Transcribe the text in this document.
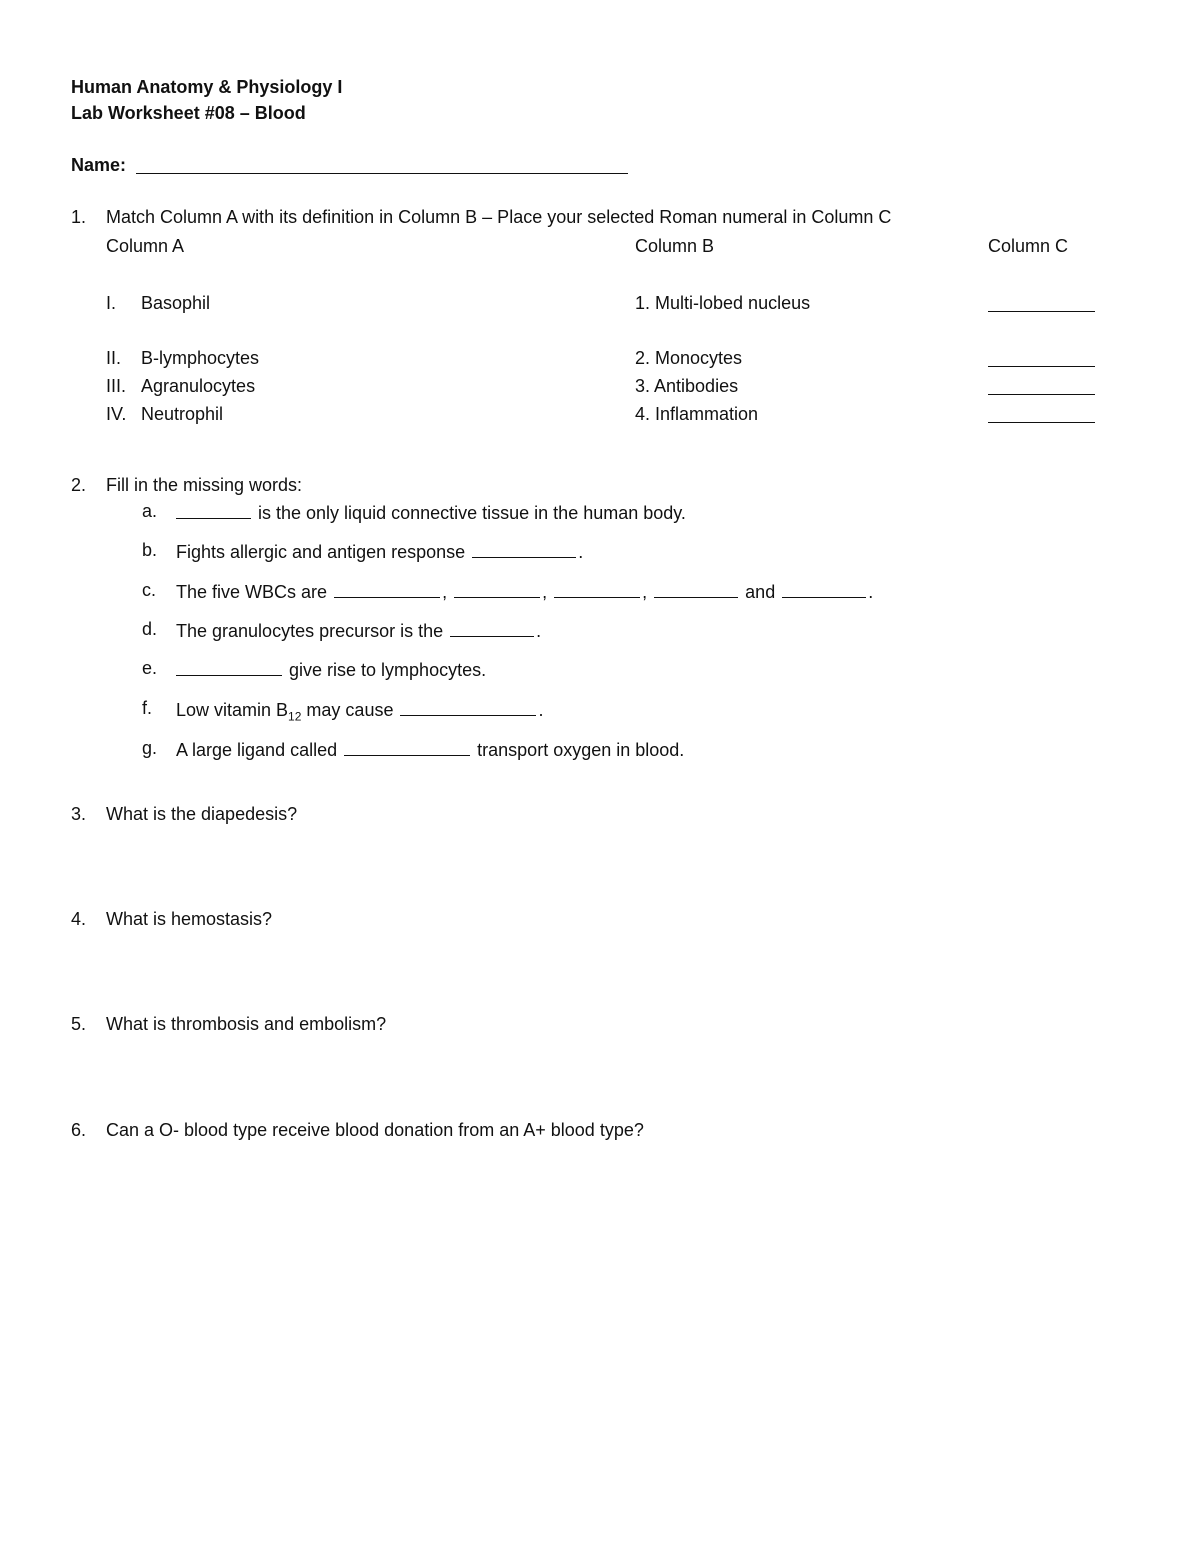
Human Anatomy & Physiology I
Lab Worksheet #08 – Blood
Name:
1. Match Column A with its definition in Column B – Place your selected Roman numeral in Column C
Column A	Column B	Column C
I. Basophil	1. Multi-lobed nucleus
II. B-lymphocytes	2. Monocytes
III. Agranulocytes	3. Antibodies
IV. Neutrophil	4. Inflammation
2. Fill in the missing words:
a.	is the only liquid connective tissue in the human body.
b. Fights allergic and antigen response	.
c. The five WBCs are	,	,	,	and	.
d. The granulocytes precursor is the	.
e.	give rise to lymphocytes.
f. Low vitamin $B_{12}$ may cause	.
g. A large ligand called	transport oxygen in blood.
3. What is the diapedesis?
4. What is hemostasis?
5. What is thrombosis and embolism?
6. Can a O- blood type receive blood donation from an A+ blood type?
